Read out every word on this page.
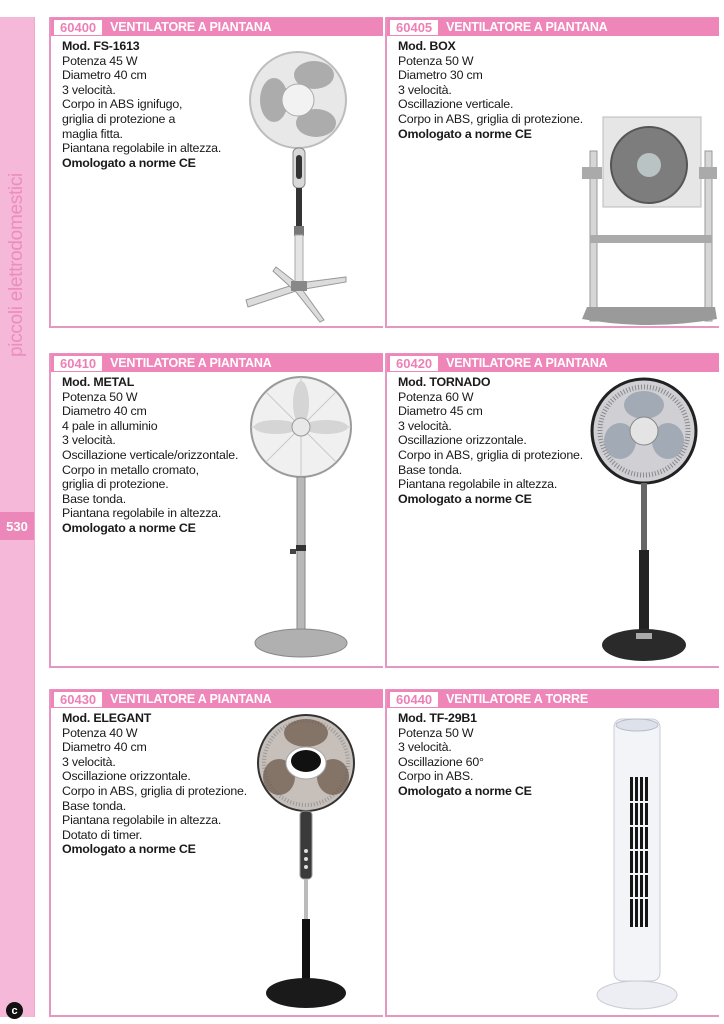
piccoli elettrodomestici
530
c
60400	VENTILATORE A PIANTANA
Mod. FS-1613
Potenza 45 W
Diametro 40 cm
3 velocità.
Corpo in ABS ignifugo,
griglia di protezione a
maglia fitta.
Piantana regolabile in altezza.
Omologato a norme CE
60405	VENTILATORE A PIANTANA
Mod. BOX
Potenza 50 W
Diametro 30 cm
3 velocità.
Oscillazione verticale.
Corpo in ABS, griglia di protezione.
Omologato a norme CE
60410	VENTILATORE A PIANTANA
Mod. METAL
Potenza 50 W
Diametro 40 cm
4 pale in alluminio
3 velocità.
Oscillazione verticale/orizzontale.
Corpo in metallo cromato,
griglia di protezione.
Base tonda.
Piantana regolabile in altezza.
Omologato a norme CE
60420	VENTILATORE A PIANTANA
Mod. TORNADO
Potenza 60 W
Diametro 45 cm
3 velocità.
Oscillazione orizzontale.
Corpo in ABS, griglia di protezione.
Base tonda.
Piantana regolabile in altezza.
Omologato a norme CE
60430	VENTILATORE A PIANTANA
Mod. ELEGANT
Potenza 40 W
Diametro 40 cm
3 velocità.
Oscillazione orizzontale.
Corpo in ABS, griglia di protezione.
Base tonda.
Piantana regolabile in altezza.
Dotato di timer.
Omologato a norme CE
60440	VENTILATORE A TORRE
Mod. TF-29B1
Potenza 50 W
3 velocità.
Oscillazione 60°
Corpo in ABS.
Omologato a norme CE
